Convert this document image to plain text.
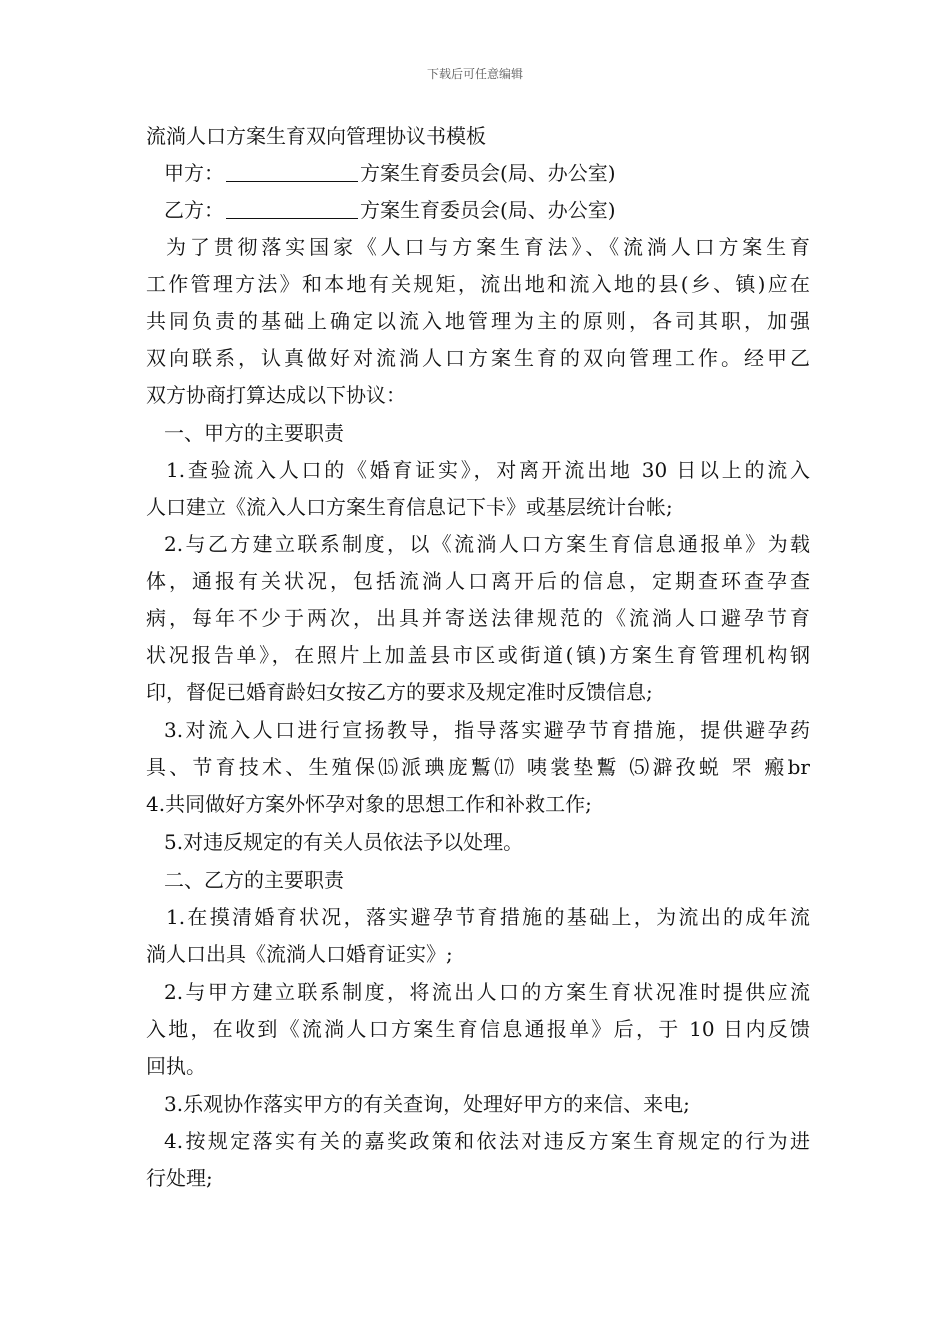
下载后可任意编辑
流淌人口方案生育双向管理协议书模板
甲方：	方案生育委员会(局、办公室)
乙方：	方案生育委员会(局、办公室)
为了贯彻落实国家《人口与方案生育法》、《流淌人口方案生育
工作管理方法》和本地有关规矩，流出地和流入地的县(乡、镇)应在
共同负责的基础上确定以流入地管理为主的原则，各司其职，加强
双向联系，认真做好对流淌人口方案生育的双向管理工作。经甲乙
双方协商打算达成以下协议：
一、甲方的主要职责
1.查验流入人口的《婚育证实》，对离开流出地 30 日以上的流入
人口建立《流入人口方案生育信息记下卡》或基层统计台帐;
2.与乙方建立联系制度，以《流淌人口方案生育信息通报单》为载
体，通报有关状况，包括流淌人口离开后的信息，定期查环查孕查
病，每年不少于两次，出具并寄送法律规范的《流淌人口避孕节育
状况报告单》，在照片上加盖县市区或街道(镇)方案生育管理机构钢
印，督促已婚育龄妇女按乙方的要求及规定准时反馈信息;
3.对流入人口进行宣扬教导，指导落实避孕节育措施，提供避孕药
具、节育技术、生殖保⒂派琠庞䳻⒄ 咦裳垫䳻 ⑸澼孜蜕 罘 瘢br
4.共同做好方案外怀孕对象的思想工作和补救工作;
5.对违反规定的有关人员依法予以处理。
二、乙方的主要职责
1.在摸清婚育状况，落实避孕节育措施的基础上，为流出的成年流
淌人口出具《流淌人口婚育证实》;
2.与甲方建立联系制度，将流出人口的方案生育状况准时提供应流
入地，在收到《流淌人口方案生育信息通报单》后，于 10 日内反馈
回执。
3.乐观协作落实甲方的有关查询，处理好甲方的来信、来电;
4.按规定落实有关的嘉奖政策和依法对违反方案生育规定的行为进
行处理;
